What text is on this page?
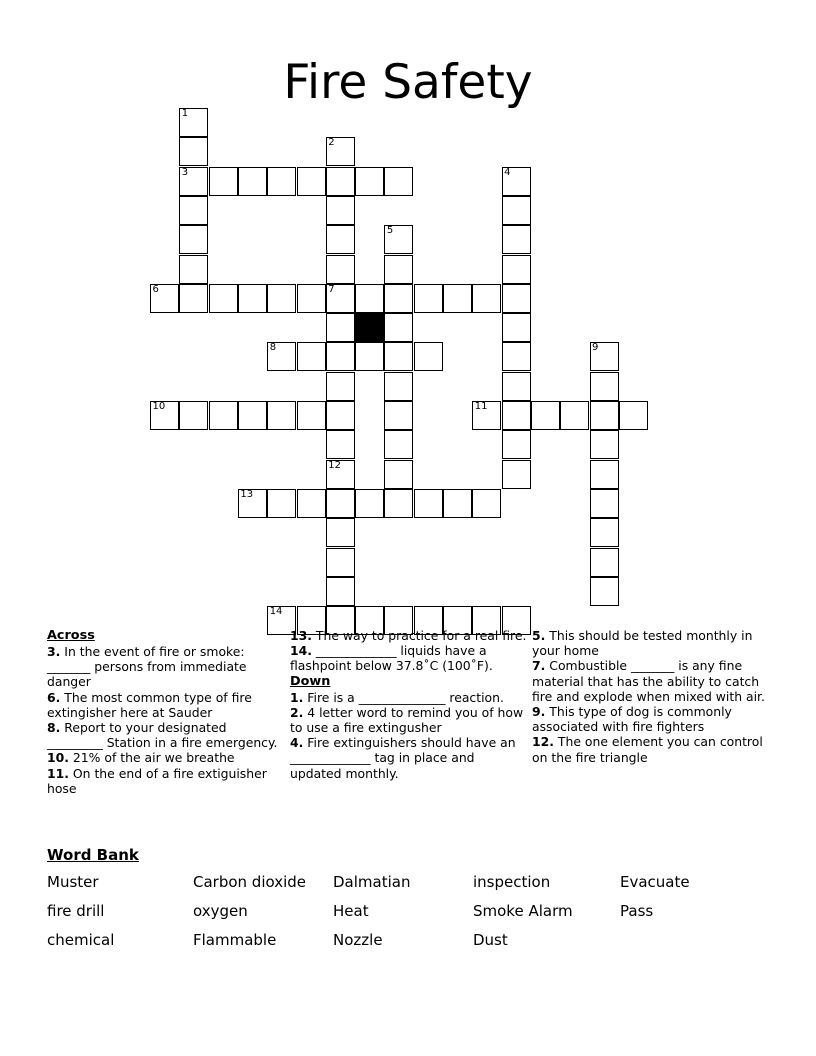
Fire Safety
1
2
3	4
5
6	7
8	9
10	11
12
13
14
Across
3. In the event of fire or smoke: _______ persons from immediate danger
6. The most common type of fire extingisher here at Sauder
8. Report to your designated _________ Station in a fire emergency.
10. 21% of the air we breathe
11. On the end of a fire extiguisher hose
13. The way to practice for a real fire.
14. _____________ liquids have a flashpoint below 37.8˚C (100˚F).
Down
1. Fire is a ______________ reaction.
2. 4 letter word to remind you of how to use a fire extingusher
4. Fire extinguishers should have an _____________ tag in place and updated monthly.
5. This should be tested monthly in your home
7. Combustible _______ is any fine material that has the ability to catch fire and explode when mixed with air.
9. This type of dog is commonly associated with fire fighters
12. The one element you can control on the fire triangle
Word Bank
Muster	Carbon dioxide Dalmatian	inspection	Evacuate
fire drill	oxygen	Heat	Smoke Alarm	Pass
chemical	Flammable	Nozzle	Dust
